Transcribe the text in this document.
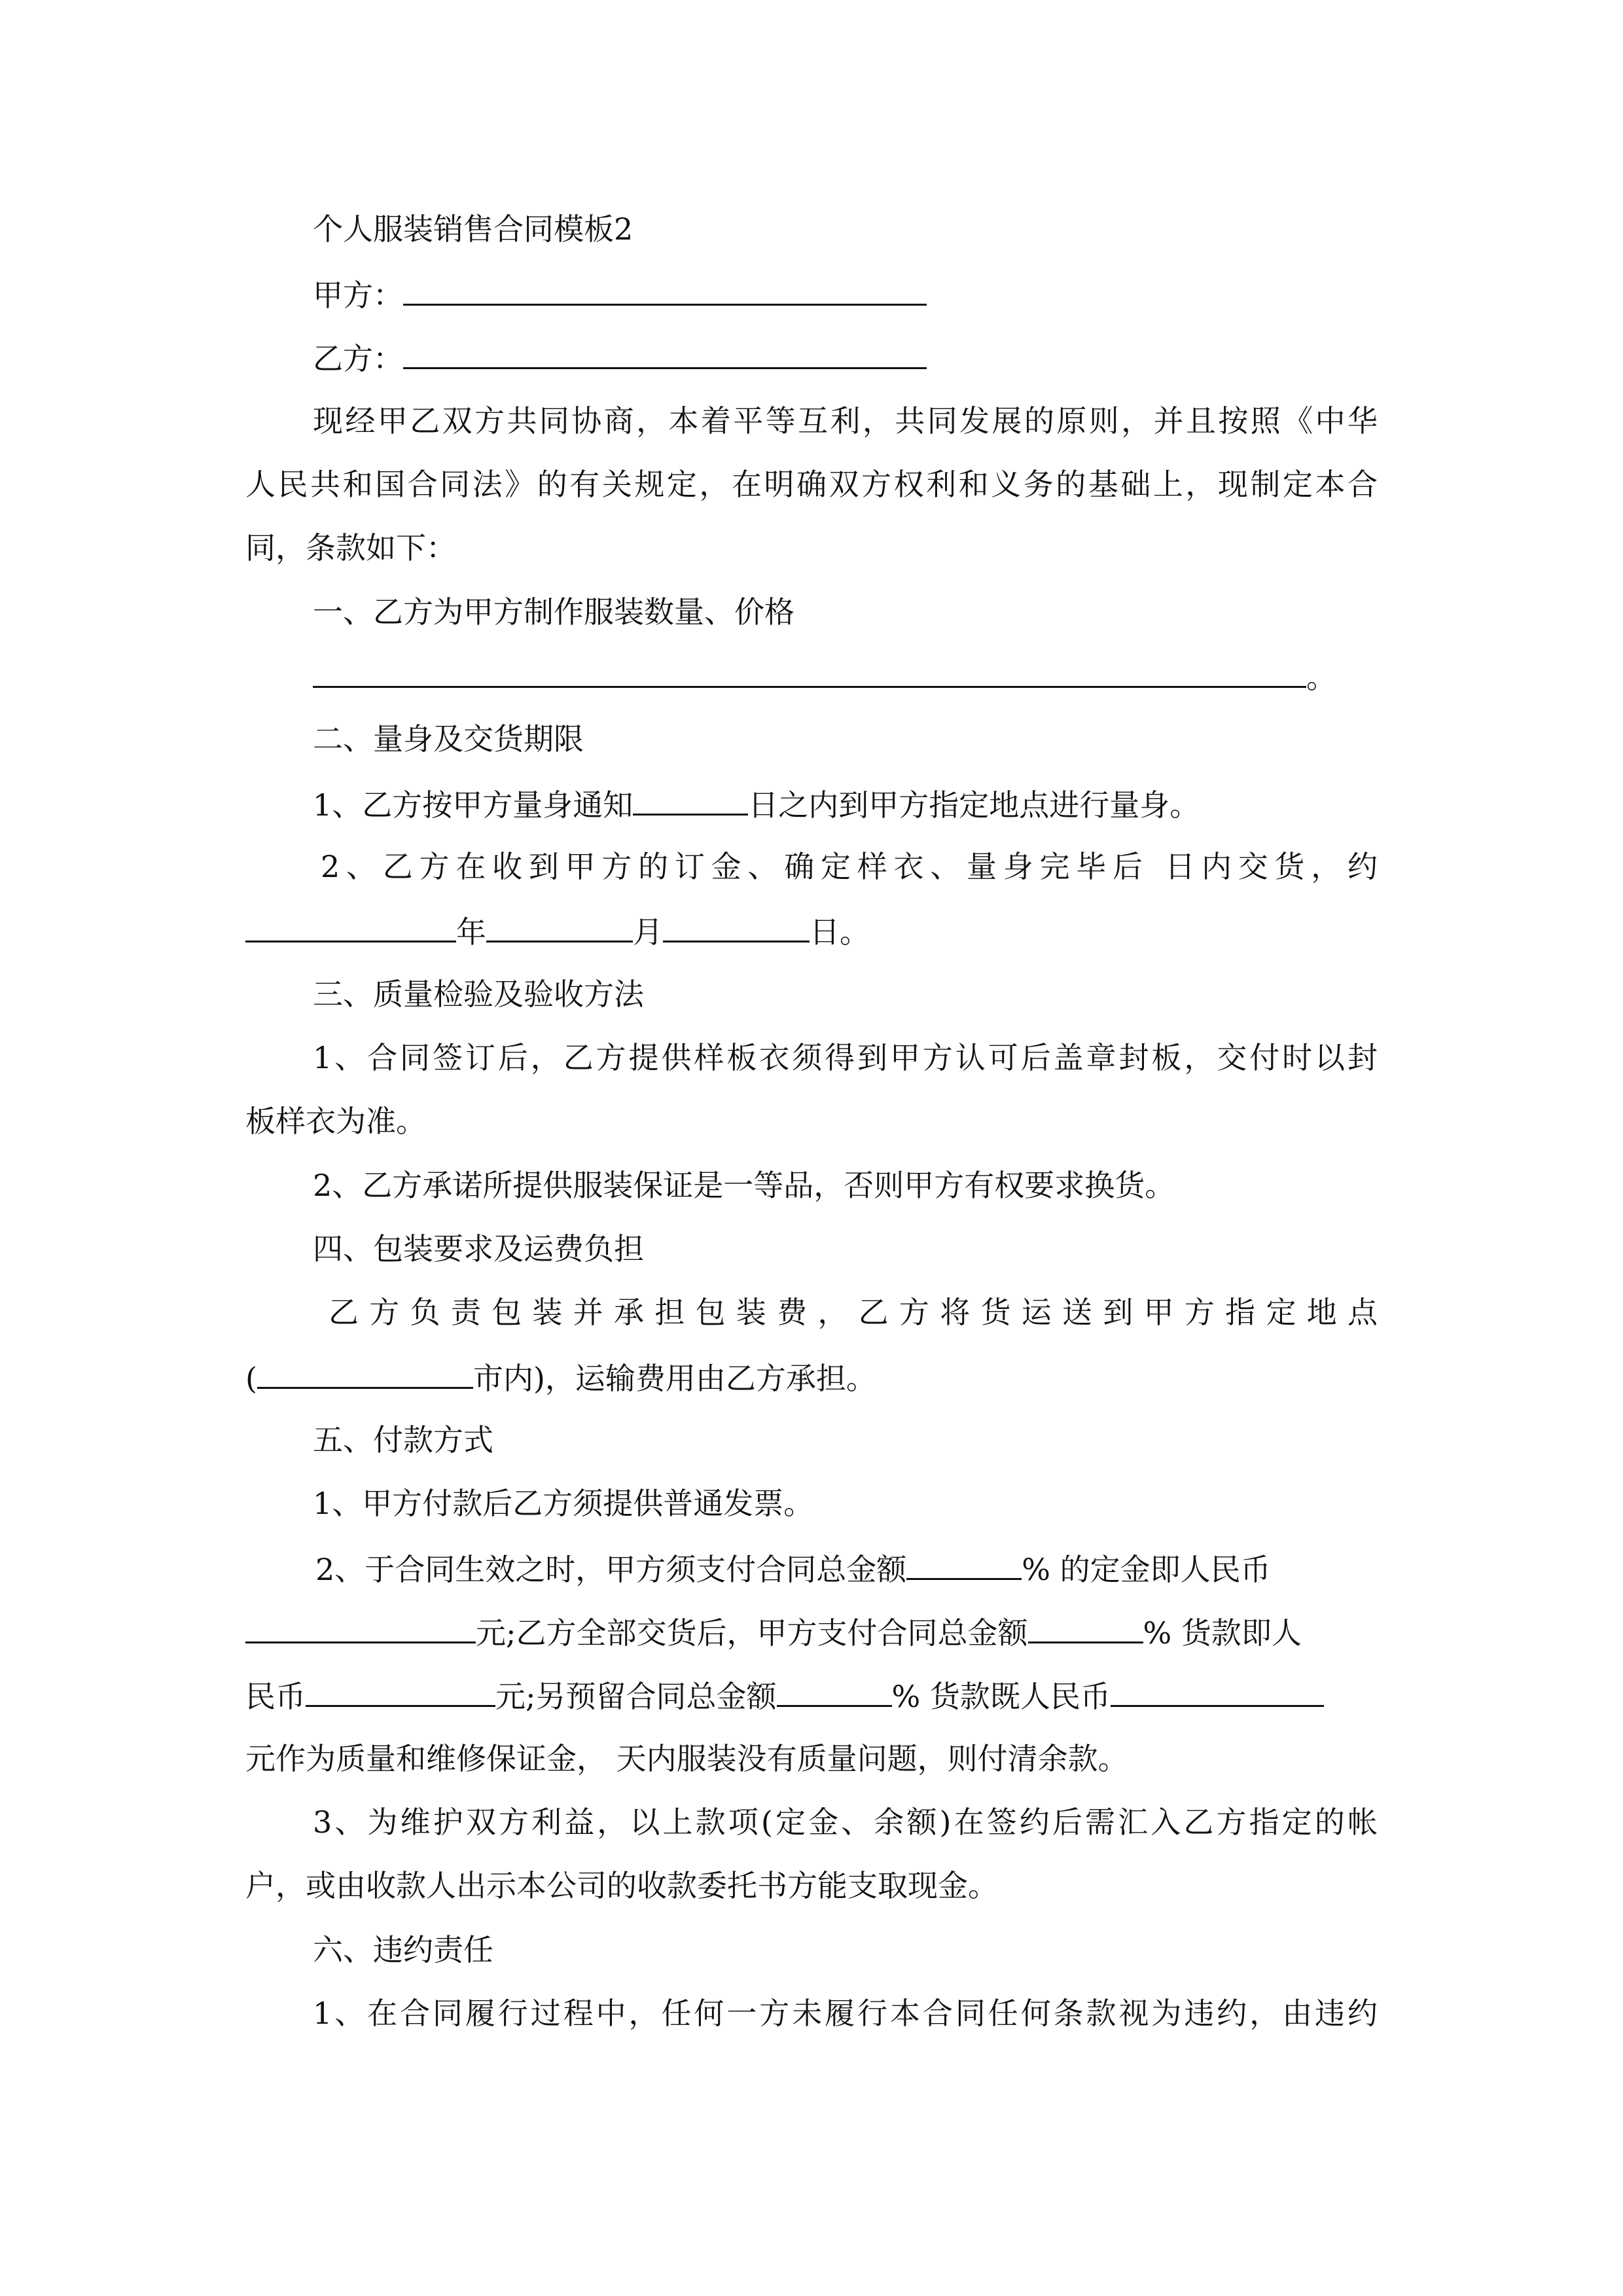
个人服装销售合同模板2
甲方：
乙方：
现经甲乙双方共同协商，本着平等互利，共同发展的原则，并且按照《中华
人民共和国合同法》的有关规定，在明确双方权利和义务的基础上，现制定本合
同，条款如下：
一、乙方为甲方制作服装数量、价格
。
二、量身及交货期限
1、乙方按甲方量身通知	日之内到甲方指定地点进行量身。
2、乙方在收到甲方的订金、确定样衣、量身完毕后 日内交货，约
年	月	日。
三、质量检验及验收方法
1、合同签订后，乙方提供样板衣须得到甲方认可后盖章封板，交付时以封
板样衣为准。
2、乙方承诺所提供服装保证是一等品，否则甲方有权要求换货。
四、包装要求及运费负担
乙方负责包装并承担包装费，乙方将货运送到甲方指定地点
(	市内)，运输费用由乙方承担。
五、付款方式
1、甲方付款后乙方须提供普通发票。
2、于合同生效之时，甲方须支付合同总金额	% 的定金即人民币
元;乙方全部交货后，甲方支付合同总金额	% 货款即人
民币	元;另预留合同总金额	% 货款既人民币
元作为质量和维修保证金， 天内服装没有质量问题，则付清余款。
3、为维护双方利益，以上款项(定金、余额)在签约后需汇入乙方指定的帐
户，或由收款人出示本公司的收款委托书方能支取现金。
六、违约责任
1、在合同履行过程中，任何一方未履行本合同任何条款视为违约，由违约
